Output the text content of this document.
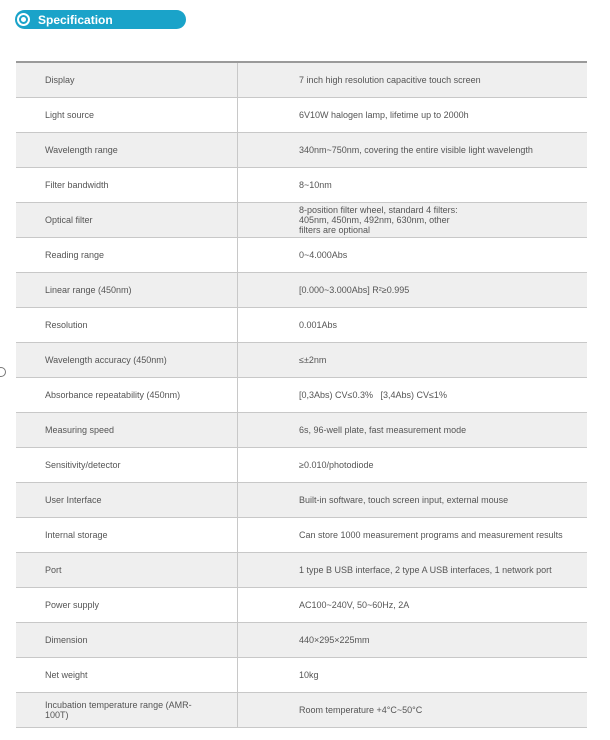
Specification
Display	7 inch high resolution capacitive touch screen
Light source	6V10W halogen lamp, lifetime up to 2000h
Wavelength range	340nm~750nm, covering the entire visible light wavelength
Filter bandwidth	8~10nm
Optical filter	8-position filter wheel, standard 4 filters: 405nm, 450nm, 492nm, 630nm, other filters are optional
Reading range	0~4.000Abs
Linear range (450nm)	[0.000~3.000Abs] R²≥0.995
Resolution	0.001Abs
Wavelength accuracy (450nm)	≤±2nm
Absorbance repeatability (450nm)	[0,3Abs) CV≤0.3%   [3,4Abs) CV≤1%
Measuring speed	6s, 96-well plate, fast measurement mode
Sensitivity/detector	≥0.010/photodiode
User Interface	Built-in software, touch screen input, external mouse
Internal storage	Can store 1000 measurement programs and measurement results
Port	1 type B USB interface, 2 type A USB interfaces, 1 network port
Power supply	AC100~240V, 50~60Hz, 2A
Dimension	440×295×225mm
Net weight	10kg
Incubation temperature range (AMR-100T)	Room temperature +4°C~50°C
